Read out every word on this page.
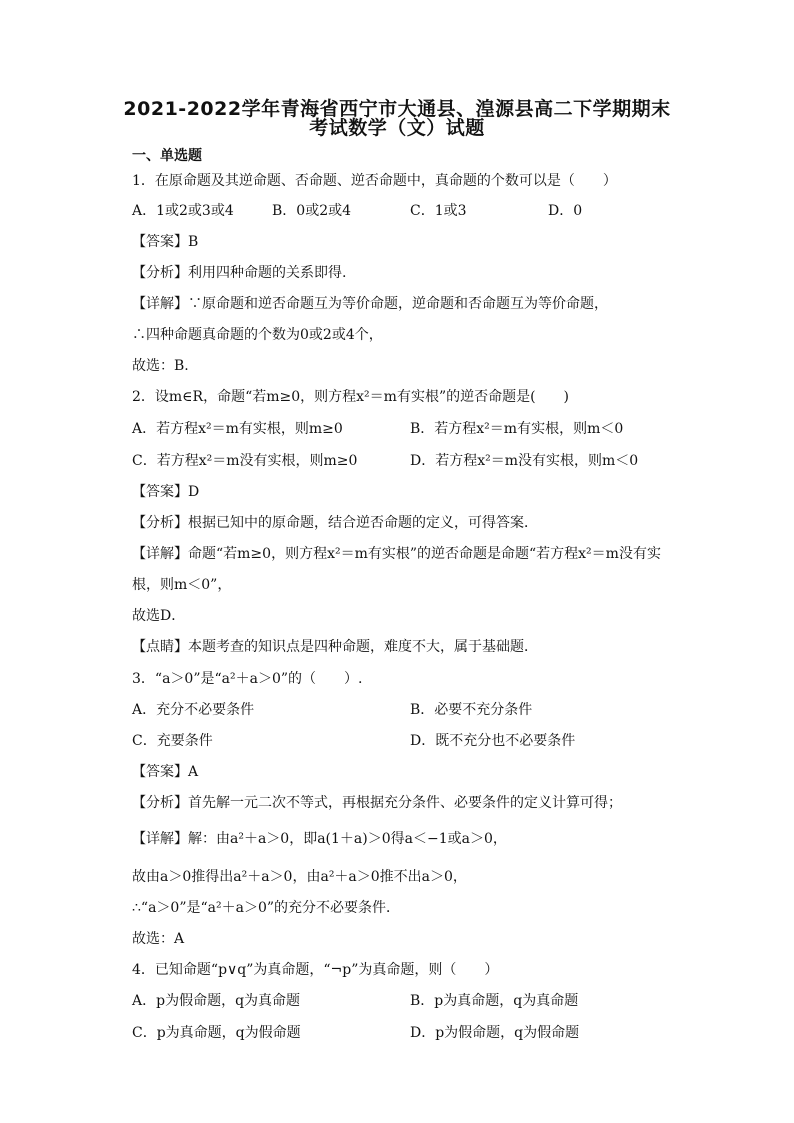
2021-2022学年青海省西宁市大通县、湟源县高二下学期期末
考试数学（文）试题
一、单选题
1．在原命题及其逆命题、否命题、逆否命题中，真命题的个数可以是（　　）
A．1或2或3或4	B．0或2或4	C．1或3	D．0
【答案】B
【分析】利用四种命题的关系即得.
【详解】∵原命题和逆否命题互为等价命题，逆命题和否命题互为等价命题，
∴四种命题真命题的个数为0或2或4个，
故选：B.
2．设m∈R，命题“若m≥0，则方程x²＝m有实根”的逆否命题是(　　)
A．若方程x²＝m有实根，则m≥0	B．若方程x²＝m有实根，则m＜0
C．若方程x²＝m没有实根，则m≥0	D．若方程x²＝m没有实根，则m＜0
【答案】D
【分析】根据已知中的原命题，结合逆否命题的定义，可得答案．
【详解】命题“若m≥0，则方程x²＝m有实根”的逆否命题是命题“若方程x²＝m没有实
根，则m＜0”，
故选D．
【点睛】本题考查的知识点是四种命题，难度不大，属于基础题．
3．“a＞0”是“a²＋a＞0”的（　　）.
A．充分不必要条件	B．必要不充分条件
C．充要条件	D．既不充分也不必要条件
【答案】A
【分析】首先解一元二次不等式，再根据充分条件、必要条件的定义计算可得；
【详解】解：由a²＋a＞0，即a(1＋a)＞0得a＜−1或a＞0，
故由a＞0推得出a²＋a＞0，由a²＋a＞0推不出a＞0，
∴“a＞0”是“a²＋a＞0”的充分不必要条件．
故选：A
4．已知命题“p∨q”为真命题，“¬p”为真命题，则（　　）
A．p为假命题，q为真命题	B．p为真命题，q为真命题
C．p为真命题，q为假命题	D．p为假命题，q为假命题
